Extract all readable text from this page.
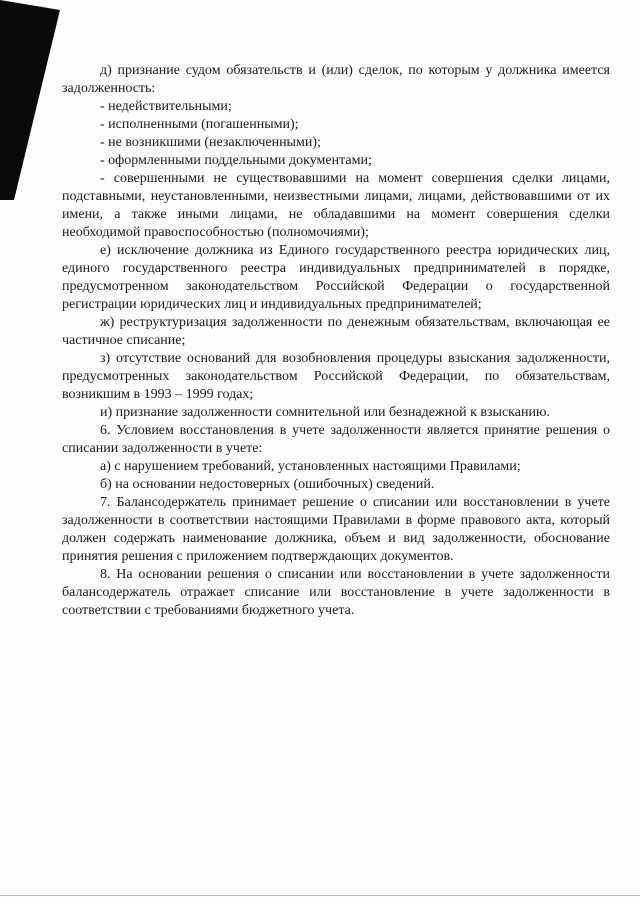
д) признание судом обязательств и (или) сделок, по которым у должника имеется задолженность:

- недействительными;

- исполненными (погашенными);

- не возникшими (незаключенными);

- оформленными поддельными документами;

- совершенными не существовавшими на момент совершения сделки лицами, подставными, неустановленными, неизвестными лицами, лицами, действовавшими от их имени, а также иными лицами, не обладавшими на момент совершения сделки необходимой правоспособностью (полномочиями);

е) исключение должника из Единого государственного реестра юридических лиц, единого государственного реестра индивидуальных предпринимателей в порядке, предусмотренном законодательством Российской Федерации о государственной регистрации юридических лиц и индивидуальных предпринимателей;

ж) реструктуризация задолженности по денежным обязательствам, включающая ее частичное списание;

з) отсутствие оснований для возобновления процедуры взыскания задолженности, предусмотренных законодательством Российской Федерации, по обязательствам, возникшим в 1993 – 1999 годах;

и) признание задолженности сомнительной или безнадежной к взысканию.

6. Условием восстановления в учете задолженности является принятие решения о списании задолженности в учете:

а) с нарушением требований, установленных настоящими Правилами;

б) на основании недостоверных (ошибочных) сведений.

7. Балансодержатель принимает решение о списании или восстановлении в учете задолженности в соответствии настоящими Правилами в форме правового акта, который должен содержать наименование должника, объем и вид задолженности, обоснование принятия решения с приложением подтверждающих документов.

8. На основании решения о списании или восстановлении в учете задолженности балансодержатель отражает списание или восстановление в учете задолженности в соответствии с требованиями бюджетного учета.
